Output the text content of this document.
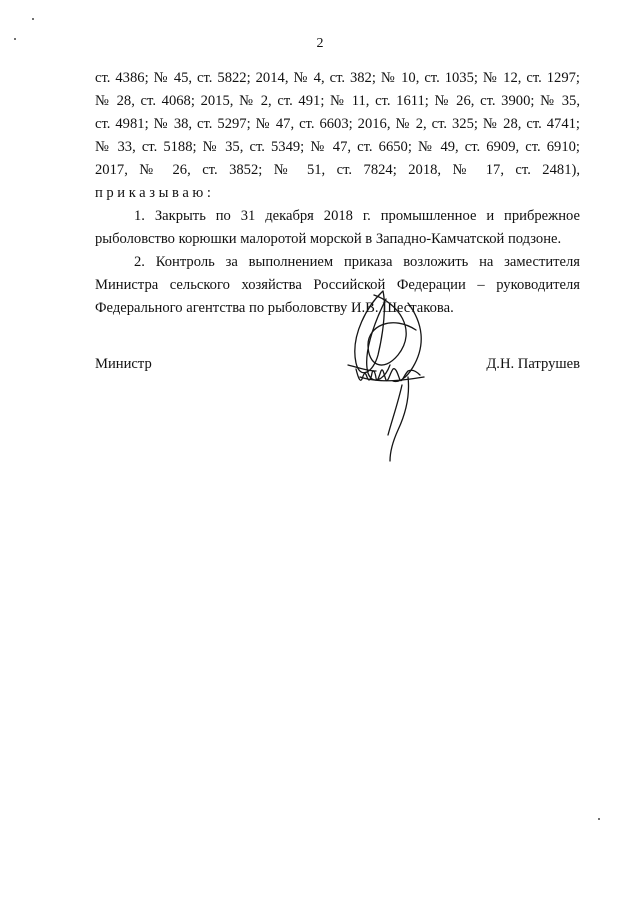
2
ст. 4386; № 45, ст. 5822; 2014, № 4, ст. 382; № 10, ст. 1035; № 12, ст. 1297;
№ 28, ст. 4068; 2015, № 2, ст. 491; № 11, ст. 1611; № 26, ст. 3900; № 35,
ст. 4981; № 38, ст. 5297; № 47, ст. 6603; 2016, № 2, ст. 325; № 28, ст. 4741;
№ 33, ст. 5188; № 35, ст. 5349; № 47, ст. 6650; № 49, ст. 6909, ст. 6910;
2017, № 26, ст. 3852; № 51, ст. 7824; 2018, № 17, ст. 2481),
приказываю:
1. Закрыть по 31 декабря 2018 г. промышленное и прибрежное
рыболовство корюшки малоротой морской в Западно-Камчатской подзоне.
2. Контроль за выполнением приказа возложить на заместителя
Министра сельского хозяйства Российской Федерации – руководителя
Федерального агентства по рыболовству И.В. Шестакова.
Министр	Д.Н. Патрушев
